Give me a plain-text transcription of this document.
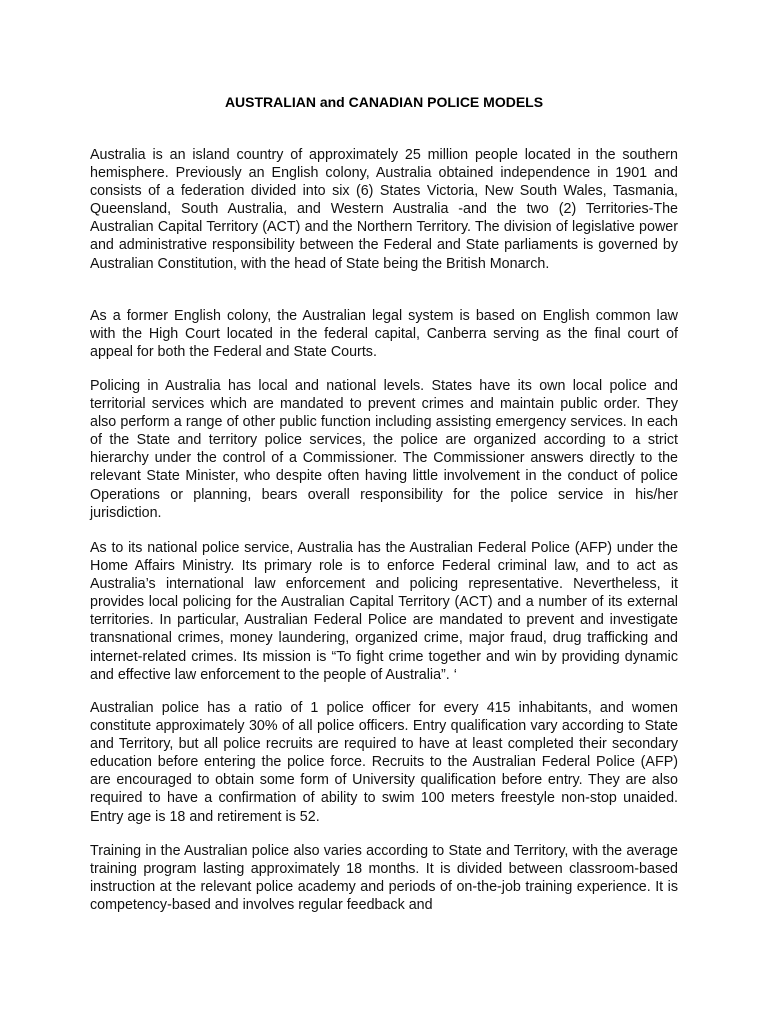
AUSTRALIAN and CANADIAN POLICE MODELS

Australia is an island country of approximately 25 million people located in the southern hemisphere. Previously an English colony, Australia obtained independence in 1901 and consists of a federation divided into six (6) States Victoria, New South Wales, Tasmania, Queensland, South Australia, and Western Australia -and the two (2) Territories-The Australian Capital Territory (ACT) and the Northern Territory. The division of legislative power and administrative responsibility between the Federal and State parliaments is governed by Australian Constitution, with the head of State being the British Monarch.

As a former English colony, the Australian legal system is based on English common law with the High Court located in the federal capital, Canberra serving as the final court of appeal for both the Federal and State Courts.

Policing in Australia has local and national levels. States have its own local police and territorial services which are mandated to prevent crimes and maintain public order. They also perform a range of other public function including assisting emergency services. In each of the State and territory police services, the police are organized according to a strict hierarchy under the control of a Commissioner. The Commissioner answers directly to the relevant State Minister, who despite often having little involvement in the conduct of police Operations or planning, bears overall responsibility for the police service in his/her jurisdiction.

As to its national police service, Australia has the Australian Federal Police (AFP) under the Home Affairs Ministry. Its primary role is to enforce Federal criminal law, and to act as Australia’s international law enforcement and policing representative. Nevertheless, it provides local policing for the Australian Capital Territory (ACT) and a number of its external territories. In particular, Australian Federal Police are mandated to prevent and investigate transnational crimes, money laundering, organized crime, major fraud, drug trafficking and internet-related crimes. Its mission is “To fight crime together and win by providing dynamic and effective law enforcement to the people of Australia”. ‘

Australian police has a ratio of 1 police officer for every 415 inhabitants, and women constitute approximately 30% of all police officers. Entry qualification vary according to State and Territory, but all police recruits are required to have at least completed their secondary education before entering the police force. Recruits to the Australian Federal Police (AFP) are encouraged to obtain some form of University qualification before entry. They are also required to have a confirmation of ability to swim 100 meters freestyle non-stop unaided. Entry age is 18 and retirement is 52.

Training in the Australian police also varies according to State and Territory, with the average training program lasting approximately 18 months. It is divided between classroom-based instruction at the relevant police academy and periods of on-the-job training experience. It is competency-based and involves regular feedback and
